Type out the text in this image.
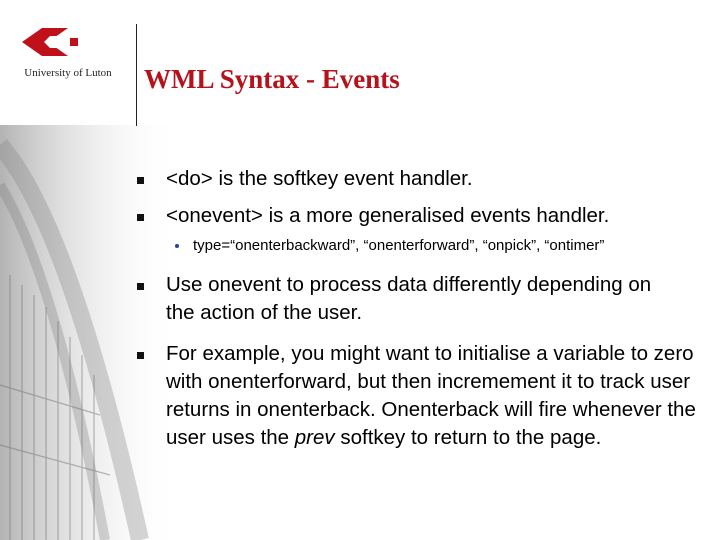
University of Luton	WML Syntax - Events
<do> is the softkey event handler.
<onevent> is a more generalised events handler.
type=“onenterbackward”, “onenterforward”, “onpick”, “ontimer”
Use onevent to process data differently depending on the action of the user.
For example, you might want to initialise a variable to zero with onenterforward, but then incremement it to track user returns in onenterback. Onenterback will fire whenever the user uses the prev softkey to return to the page.
